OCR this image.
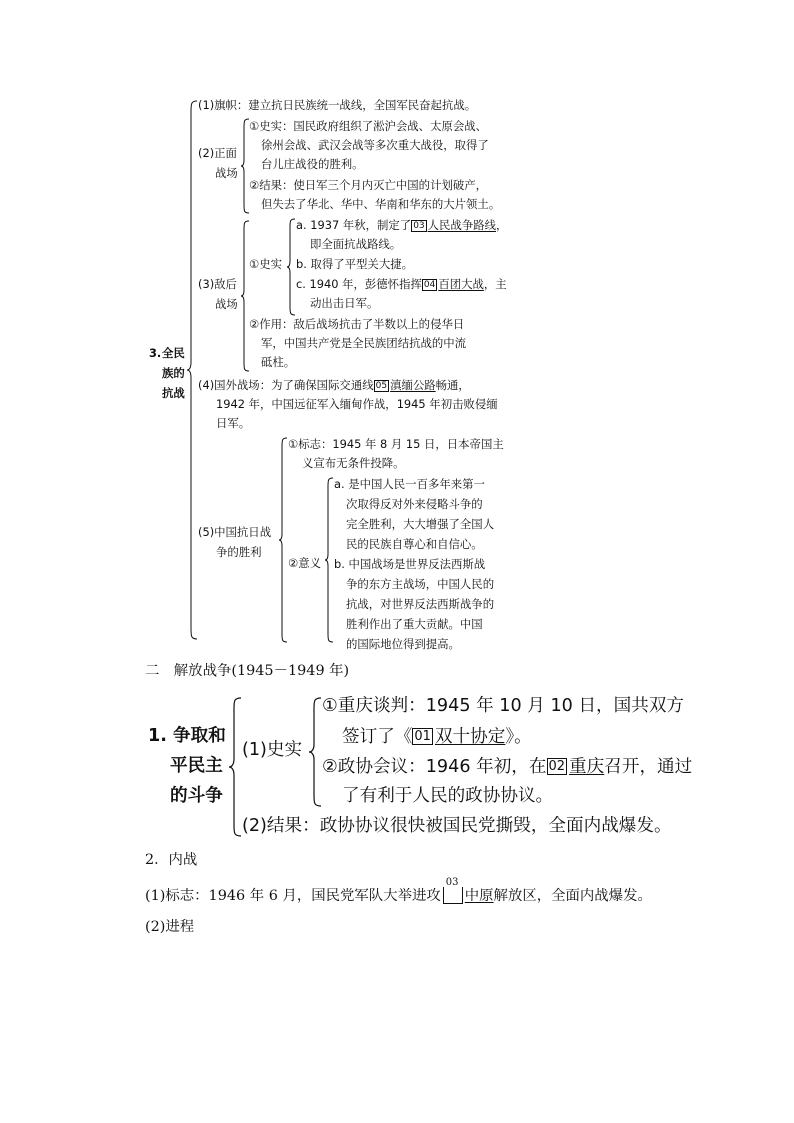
3. 全民
族的
抗战
(1)旗帜：建立抗日民族统一战线，全国军民奋起抗战。
(2)正面
战场
①史实：国民政府组织了淞沪会战、太原会战、
徐州会战、武汉会战等多次重大战役，取得了
台儿庄战役的胜利。
②结果：使日军三个月内灭亡中国的计划破产，
但失去了华北、华中、华南和华东的大片领土。
(3)敌后
战场
①史实
a. 1937 年秋，制定了 03 人民战争路线，
即全面抗战路线。
b. 取得了平型关大捷。
c. 1940 年，彭德怀指挥 04 百团大战，主
动出击日军。
②作用：敌后战场抗击了半数以上的侵华日
军，中国共产党是全民族团结抗战的中流
砥柱。
(4)国外战场：为了确保国际交通线 05 滇缅公路畅通，
1942 年，中国远征军入缅甸作战，1945 年初击败侵缅
日军。
(5)中国抗日战
争的胜利
①标志：1945 年 8 月 15 日，日本帝国主
义宣布无条件投降。
②意义
a. 是中国人民一百多年来第一
次取得反对外来侵略斗争的
完全胜利，大大增强了全国人
民的民族自尊心和自信心。
b. 中国战场是世界反法西斯战
争的东方主战场，中国人民的
抗战，对世界反法西斯战争的
胜利作出了重大贡献。中国
的国际地位得到提高。
二　解放战争(1945－1949 年)
1. 争取和
平民主
的斗争
(1)史实
①重庆谈判：1945 年 10 月 10 日，国共双方
签订了《 01 双十协定》。
②政协会议：1946 年初，在 02 重庆召开，通过
了有利于人民的政协协议。
(2)结果：政协协议很快被国民党撕毁，全面内战爆发。
2．内战
(1)标志：1946 年 6 月，国民党军队大举进攻
03
中原解放区，全面内战爆发。
(2)进程
